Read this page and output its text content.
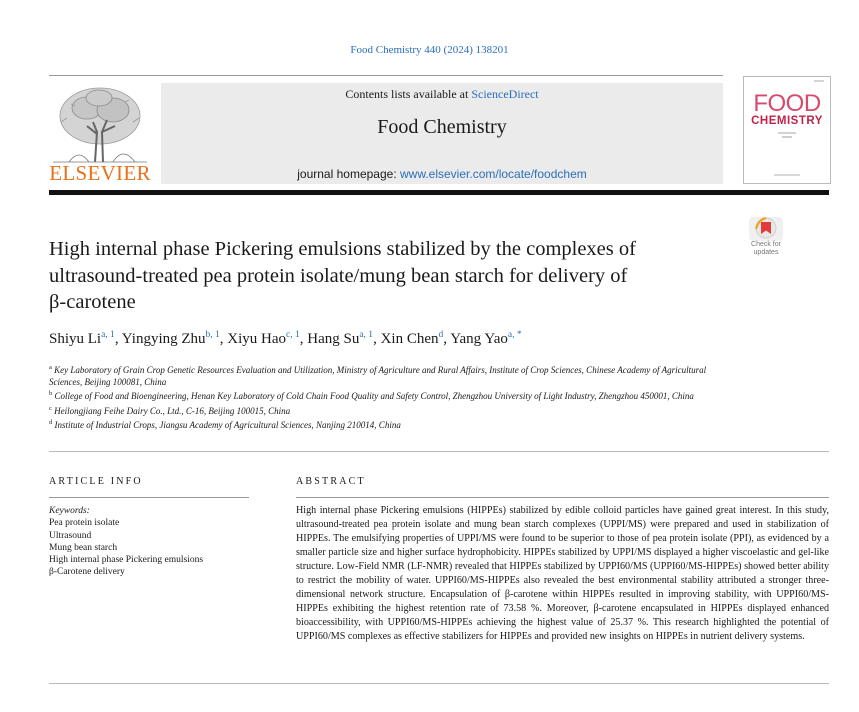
Food Chemistry 440 (2024) 138201
ELSEVIER
Contents lists available at ScienceDirect
Food Chemistry
journal homepage: www.elsevier.com/locate/foodchem
FOOD
CHEMISTRY
Check for
updates
High internal phase Pickering emulsions stabilized by the complexes of
ultrasound-treated pea protein isolate/mung bean starch for delivery of
β-carotene
Shiyu Li$^{a, 1}$, Yingying Zhu$^{b, 1}$, Xiyu Hao$^{c, 1}$, Hang Su$^{a, 1}$, Xin Chen$^d$, Yang Yao$^{a, *}$
$^a$ Key Laboratory of Grain Crop Genetic Resources Evaluation and Utilization, Ministry of Agriculture and Rural Affairs, Institute of Crop Sciences, Chinese Academy of Agricultural Sciences, Beijing 100081, China
$^b$ College of Food and Bioengineering, Henan Key Laboratory of Cold Chain Food Quality and Safety Control, Zhengzhou University of Light Industry, Zhengzhou 450001, China
$^c$ Heilongjiang Feihe Dairy Co., Ltd., C-16, Beijing 100015, China
$^d$ Institute of Industrial Crops, Jiangsu Academy of Agricultural Sciences, Nanjing 210014, China
ARTICLE INFO
Keywords:
Pea protein isolate
Ultrasound
Mung bean starch
High internal phase Pickering emulsions
β-Carotene delivery
ABSTRACT
High internal phase Pickering emulsions (HIPPEs) stabilized by edible colloid particles have gained great interest. In this study, ultrasound-treated pea protein isolate and mung bean starch complexes (UPPI/MS) were prepared and used in stabilization of HIPPEs. The emulsifying properties of UPPI/MS were found to be superior to those of pea protein isolate (PPI), as evidenced by a smaller particle size and higher surface hydrophobicity. HIPPEs stabilized by UPPI/MS displayed a higher viscoelastic and gel-like structure. Low-Field NMR (LF-NMR) revealed that HIPPEs stabilized by UPPI60/MS (UPPI60/MS-HIPPEs) showed better ability to restrict the mobility of water. UPPI60/MS-HIPPEs also revealed the best environmental stability attributed a stronger three-dimensional network structure. Encapsulation of β-carotene within HIPPEs resulted in improving stability, with UPPI60/MS-HIPPEs exhibiting the highest retention rate of 73.58 %. Moreover, β-carotene encapsulated in HIPPEs displayed enhanced bioaccessibility, with UPPI60/MS-HIPPEs achieving the highest value of 25.37 %. This research highlighted the potential of UPPI60/MS complexes as effective stabilizers for HIPPEs and provided new insights on HIPPEs in nutrient delivery systems.
